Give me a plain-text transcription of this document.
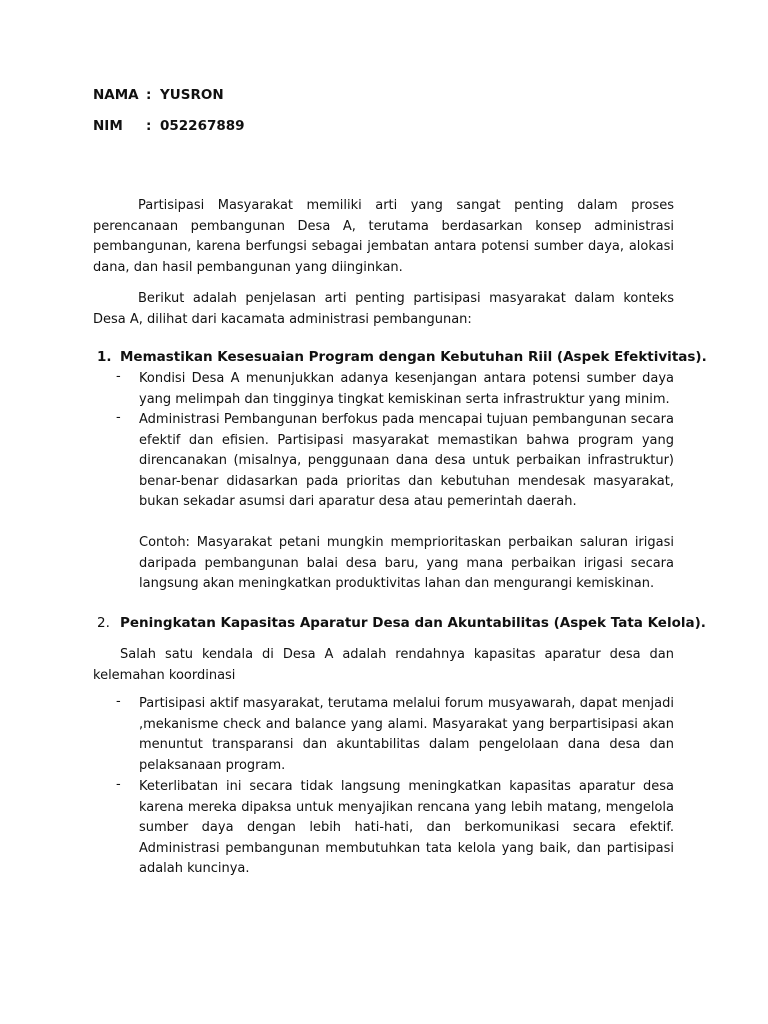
NAMA : YUSRON
NIM : 052267889

Partisipasi Masyarakat memiliki arti yang sangat penting dalam proses perencanaan pembangunan Desa A, terutama berdasarkan konsep administrasi pembangunan, karena berfungsi sebagai jembatan antara potensi sumber daya, alokasi dana, dan hasil pembangunan yang diinginkan.

Berikut adalah penjelasan arti penting partisipasi masyarakat dalam konteks Desa A, dilihat dari kacamata administrasi pembangunan:

1. Memastikan Kesesuaian Program dengan Kebutuhan Riil (Aspek Efektivitas).
- Kondisi Desa A menunjukkan adanya kesenjangan antara potensi sumber daya yang melimpah dan tingginya tingkat kemiskinan serta infrastruktur yang minim.

- Administrasi Pembangunan berfokus pada mencapai tujuan pembangunan secara efektif dan efisien. Partisipasi masyarakat memastikan bahwa program yang direncanakan (misalnya, penggunaan dana desa untuk perbaikan infrastruktur) benar-benar didasarkan pada prioritas dan kebutuhan mendesak masyarakat, bukan sekadar asumsi dari aparatur desa atau pemerintah daerah.

Contoh: Masyarakat petani mungkin memprioritaskan perbaikan saluran irigasi daripada pembangunan balai desa baru, yang mana perbaikan irigasi secara langsung akan meningkatkan produktivitas lahan dan mengurangi kemiskinan.

2. Peningkatan Kapasitas Aparatur Desa dan Akuntabilitas (Aspek Tata Kelola).

Salah satu kendala di Desa A adalah rendahnya kapasitas aparatur desa dan kelemahan koordinasi

- Partisipasi aktif masyarakat, terutama melalui forum musyawarah, dapat menjadi            ,mekanisme check and balance yang alami. Masyarakat yang berpartisipasi akan menuntut transparansi dan akuntabilitas dalam pengelolaan dana desa dan pelaksanaan program.

- Keterlibatan ini secara tidak langsung meningkatkan kapasitas aparatur desa karena mereka dipaksa untuk menyajikan rencana yang lebih matang, mengelola sumber daya dengan lebih hati-hati, dan berkomunikasi secara efektif. Administrasi pembangunan membutuhkan tata kelola yang baik, dan partisipasi adalah kuncinya.
